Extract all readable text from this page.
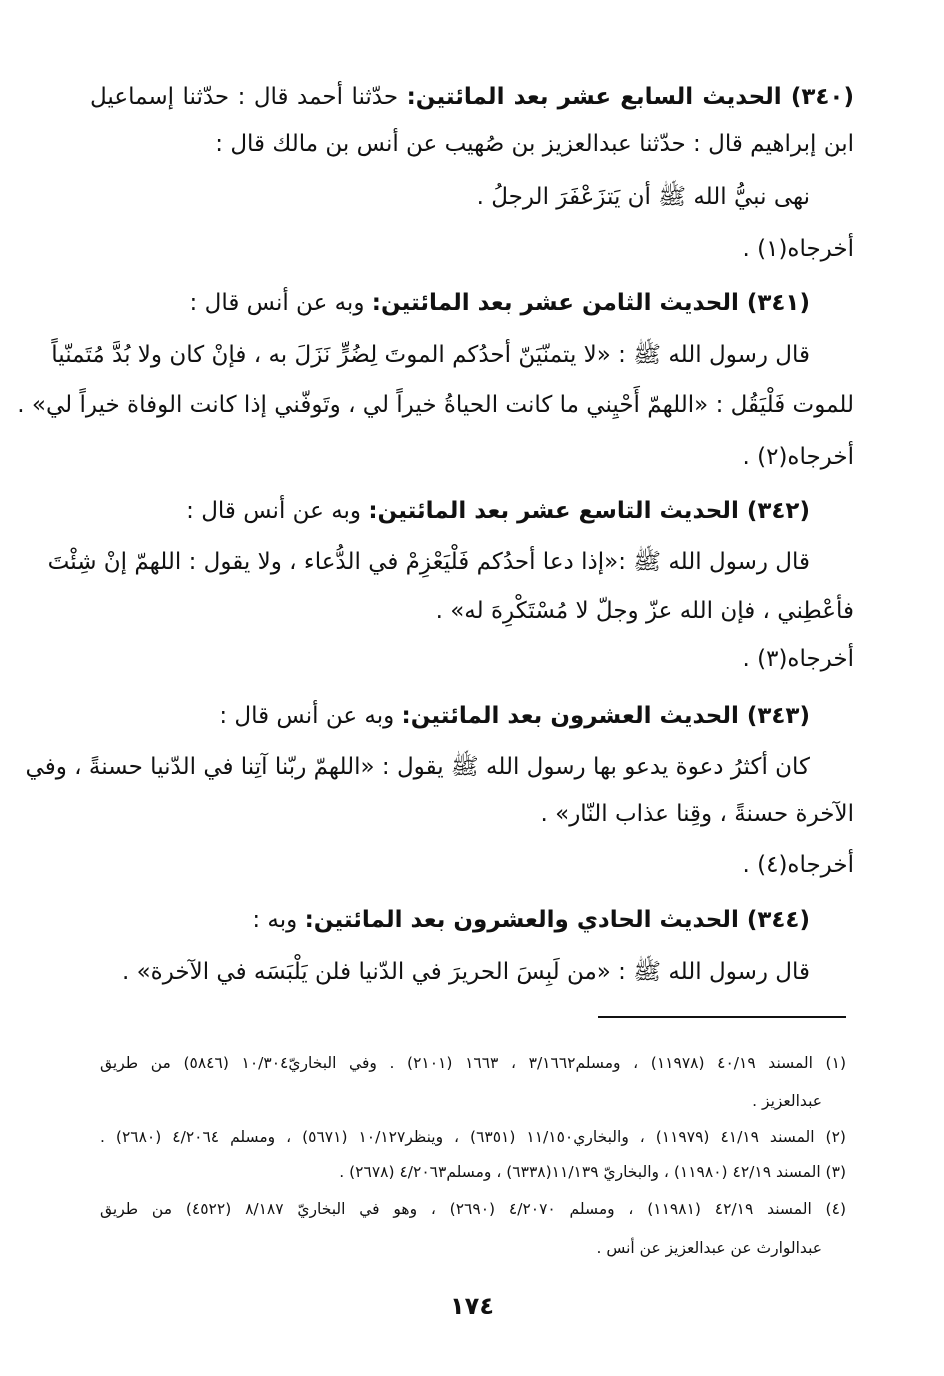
(٣٤٠) الحديث السابع عشر بعد المائتين: حدّثنا أحمد قال : حدّثنا إسماعيل
ابن إبراهيم قال : حدّثنا عبدالعزيز بن صُهيب عن أنس بن مالك قال :
نهى نبيُّ الله ﷺ أن يَتزَعْفَرَ الرجلُ .
أخرجاه(١) .
(٣٤١) الحديث الثامن عشر بعد المائتين: وبه عن أنس قال :
قال رسول الله ﷺ : «لا يتمنّيَنّ أحدُكم الموتَ لِضُرٍّ نَزَلَ به ، فإنْ كان ولا بُدَّ مُتَمنّياً
للموت فَلْيَقُل : «اللهمّ أَحْيِني ما كانت الحياةُ خيراً لي ، وتَوفّني إذا كانت الوفاة خيراً لي» .
أخرجاه(٢) .
(٣٤٢) الحديث التاسع عشر بعد المائتين: وبه عن أنس قال :
قال رسول الله ﷺ :«إذا دعا أحدُكم فَلْيَعْزِمْ في الدُّعاء ، ولا يقول : اللهمّ إنْ شِئْتَ
فأعْطِني ، فإن الله عزّ وجلّ لا مُسْتَكْرِهَ له» .
أخرجاه(٣) .
(٣٤٣) الحديث العشرون بعد المائتين: وبه عن أنس قال :
كان أكثرُ دعوة يدعو بها رسول الله ﷺ يقول : «اللهمّ ربّنا آتِنا في الدّنيا حسنةً ، وفي
الآخرة حسنةً ، وقِنا عذاب النّار» .
أخرجاه(٤) .
(٣٤٤) الحديث الحادي والعشرون بعد المائتين: وبه :
قال رسول الله ﷺ : «من لَبِسَ الحريرَ في الدّنيا فلن يَلْبَسَه في الآخرة» .
(١) المسند ٤٠/١٩ (١١٩٧٨) ، ومسلم٣/١٦٦٢ ، ١٦٦٣ (٢١٠١) . وفي البخاريّ١٠/٣٠٤ (٥٨٤٦) من طريق
عبدالعزيز .
(٢) المسند ٤١/١٩ (١١٩٧٩) ، والبخاري١١/١٥٠ (٦٣٥١) ، وينظر١٠/١٢٧ (٥٦٧١) ، ومسلم ٤/٢٠٦٤ (٢٦٨٠) .
(٣) المسند ٤٢/١٩ (١١٩٨٠) ، والبخاريّ ١١/١٣٩(٦٣٣٨) ، ومسلم٤/٢٠٦٣ (٢٦٧٨) .
(٤) المسند ٤٢/١٩ (١١٩٨١) ، ومسلم ٤/٢٠٧٠ (٢٦٩٠) ، وهو في البخاريّ ٨/١٨٧ (٤٥٢٢) من طريق
عبدالوارث عن عبدالعزيز عن أنس .
١٧٤
